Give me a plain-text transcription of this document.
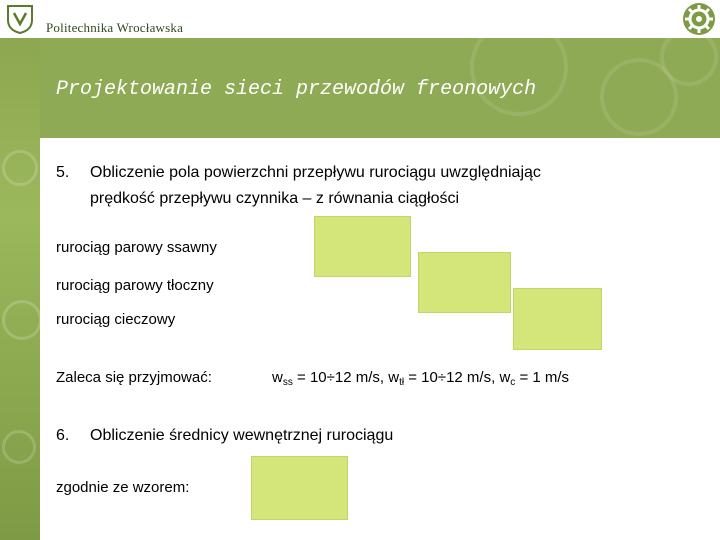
Politechnika Wrocławska
Projektowanie sieci przewodów freonowych
5. Obliczenie pola powierzchni przepływu rurociągu uwzględniając
prędkość przepływu czynnika – z równania ciągłości
rurociąg parowy ssawny
rurociąg parowy tłoczny
rurociąg cieczowy
Zaleca się przyjmować:	$w_{ss} = 10\div 12$ m/s, $w_{tł} = 10\div 12$ m/s, $w_c = 1$ m/s
6. Obliczenie średnicy wewnętrznej rurociągu
zgodnie ze wzorem:
